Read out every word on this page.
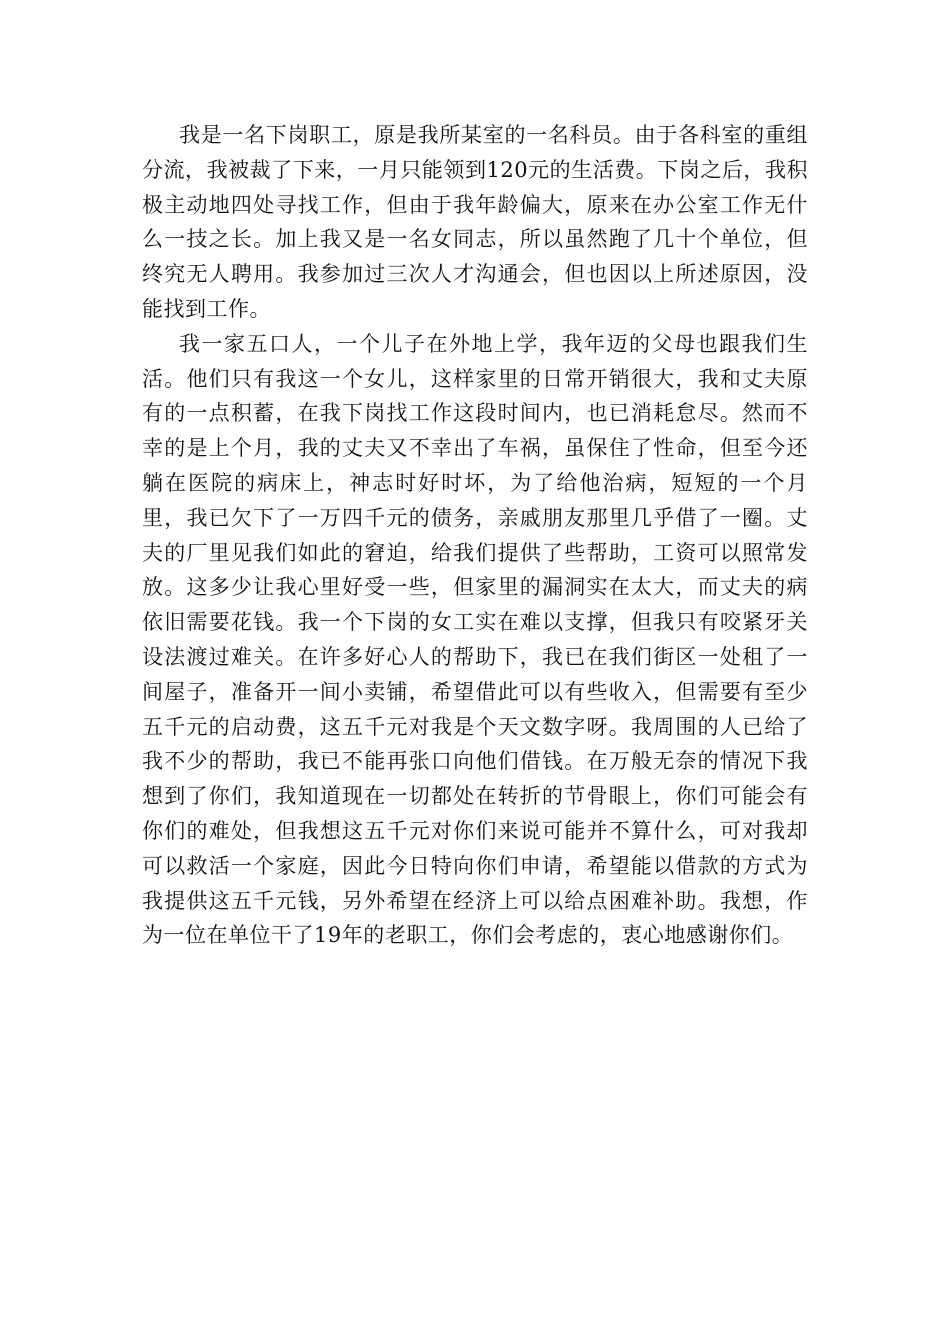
我是一名下岗职工，原是我所某室的一名科员。由于各科室的重组分流，我被裁了下来，一月只能领到120元的生活费。下岗之后，我积极主动地四处寻找工作，但由于我年龄偏大，原来在办公室工作无什么一技之长。加上我又是一名女同志，所以虽然跑了几十个单位，但终究无人聘用。我参加过三次人才沟通会，但也因以上所述原因，没能找到工作。

我一家五口人，一个儿子在外地上学，我年迈的父母也跟我们生活。他们只有我这一个女儿，这样家里的日常开销很大，我和丈夫原有的一点积蓄，在我下岗找工作这段时间内，也已消耗怠尽。然而不幸的是上个月，我的丈夫又不幸出了车祸，虽保住了性命，但至今还躺在医院的病床上，神志时好时坏，为了给他治病，短短的一个月里，我已欠下了一万四千元的债务，亲戚朋友那里几乎借了一圈。丈夫的厂里见我们如此的窘迫，给我们提供了些帮助，工资可以照常发放。这多少让我心里好受一些，但家里的漏洞实在太大，而丈夫的病依旧需要花钱。我一个下岗的女工实在难以支撑，但我只有咬紧牙关设法渡过难关。在许多好心人的帮助下，我已在我们街区一处租了一间屋子，准备开一间小卖铺，希望借此可以有些收入，但需要有至少五千元的启动费，这五千元对我是个天文数字呀。我周围的人已给了我不少的帮助，我已不能再张口向他们借钱。在万般无奈的情况下我想到了你们，我知道现在一切都处在转折的节骨眼上，你们可能会有你们的难处，但我想这五千元对你们来说可能并不算什么，可对我却可以救活一个家庭，因此今日特向你们申请，希望能以借款的方式为我提供这五千元钱，另外希望在经济上可以给点困难补助。我想，作为一位在单位干了19年的老职工，你们会考虑的，衷心地感谢你们。
